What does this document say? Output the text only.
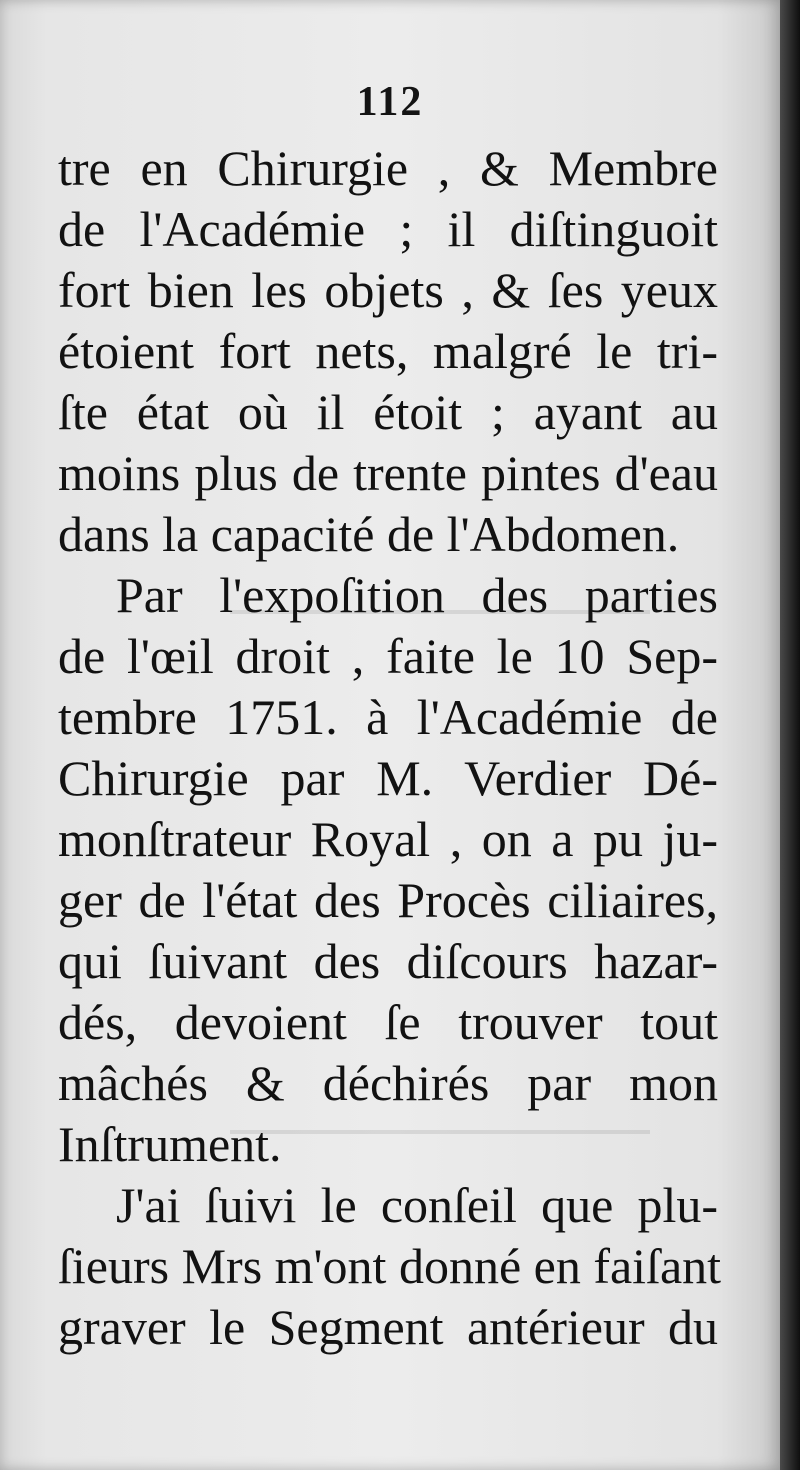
112
tre en Chirurgie , & Membre
de l'Académie ; il diſtinguoit
fort bien les objets , & ſes yeux
étoient fort nets, malgré le tri-
ſte état où il étoit ; ayant au
moins plus de trente pintes d'eau
dans la capacité de l'Abdomen.
Par l'expoſition des parties
de l'œil droit , faite le 10 Sep-
tembre 1751. à l'Académie de
Chirurgie par M. Verdier Dé-
monſtrateur Royal , on a pu ju-
ger de l'état des Procès ciliaires,
qui ſuivant des diſcours hazar-
dés, devoient ſe trouver tout
mâchés & déchirés par mon
Inſtrument.
J'ai ſuivi le conſeil que plu-
ſieurs Mrs m'ont donné en faiſant
graver le Segment antérieur du
